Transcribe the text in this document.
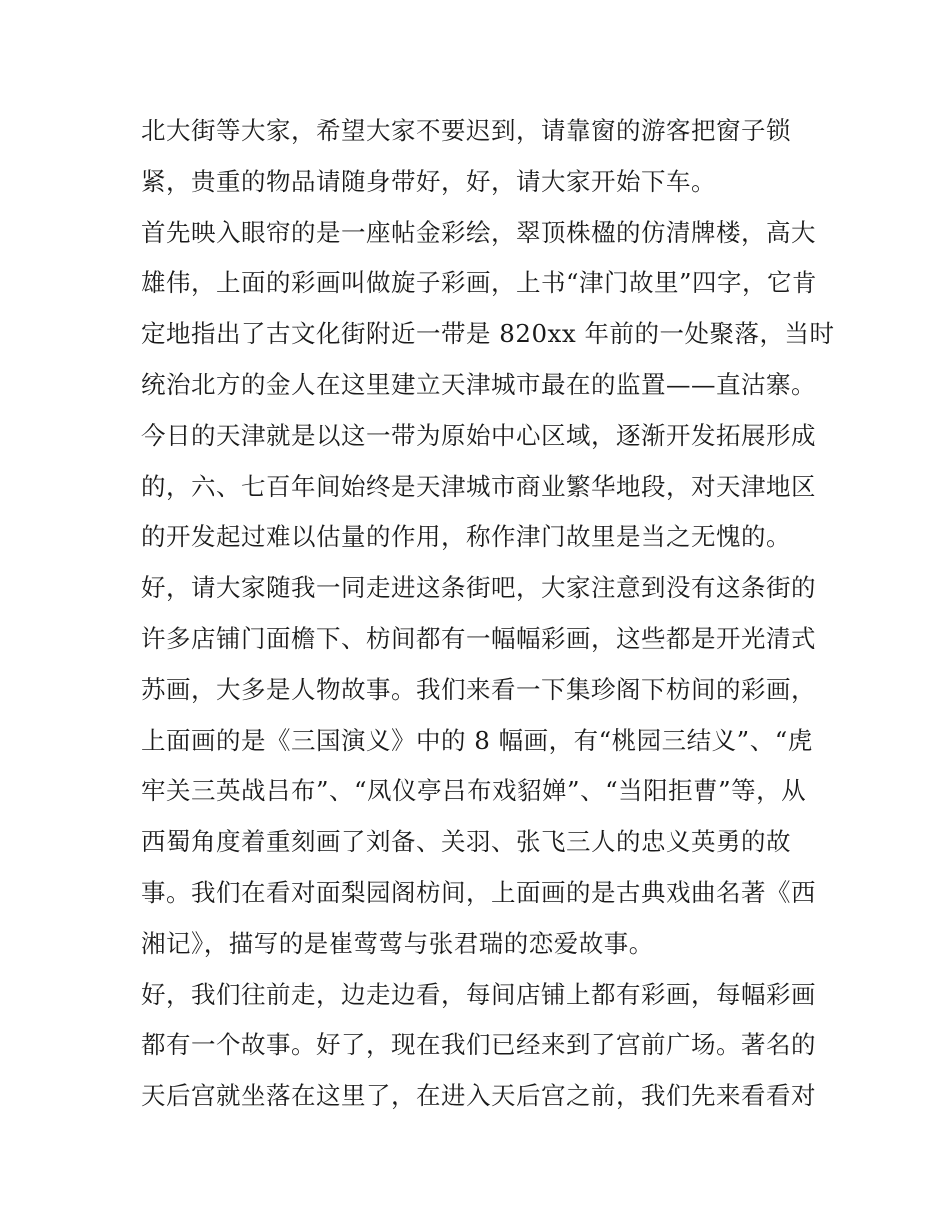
北大街等大家，希望大家不要迟到，请靠窗的游客把窗子锁
紧，贵重的物品请随身带好，好，请大家开始下车。
首先映入眼帘的是一座帖金彩绘，翠顶株楹的仿清牌楼，高大
雄伟，上面的彩画叫做旋子彩画，上书“津门故里”四字，它肯
定地指出了古文化街附近一带是 820xx 年前的一处聚落，当时
统治北方的金人在这里建立天津城市最在的监置——直沽寨。
今日的天津就是以这一带为原始中心区域，逐渐开发拓展形成
的，六、七百年间始终是天津城市商业繁华地段，对天津地区
的开发起过难以估量的作用，称作津门故里是当之无愧的。
好，请大家随我一同走进这条街吧，大家注意到没有这条街的
许多店铺门面檐下、枋间都有一幅幅彩画，这些都是开光清式
苏画，大多是人物故事。我们来看一下集珍阁下枋间的彩画，
上面画的是《三国演义》中的 8 幅画，有“桃园三结义”、“虎
牢关三英战吕布”、“凤仪亭吕布戏貂婵”、“当阳拒曹”等，从
西蜀角度着重刻画了刘备、关羽、张飞三人的忠义英勇的故
事。我们在看对面梨园阁枋间，上面画的是古典戏曲名著《西
湘记》，描写的是崔莺莺与张君瑞的恋爱故事。
好，我们往前走，边走边看，每间店铺上都有彩画，每幅彩画
都有一个故事。好了，现在我们已经来到了宫前广场。著名的
天后宫就坐落在这里了，在进入天后宫之前，我们先来看看对
